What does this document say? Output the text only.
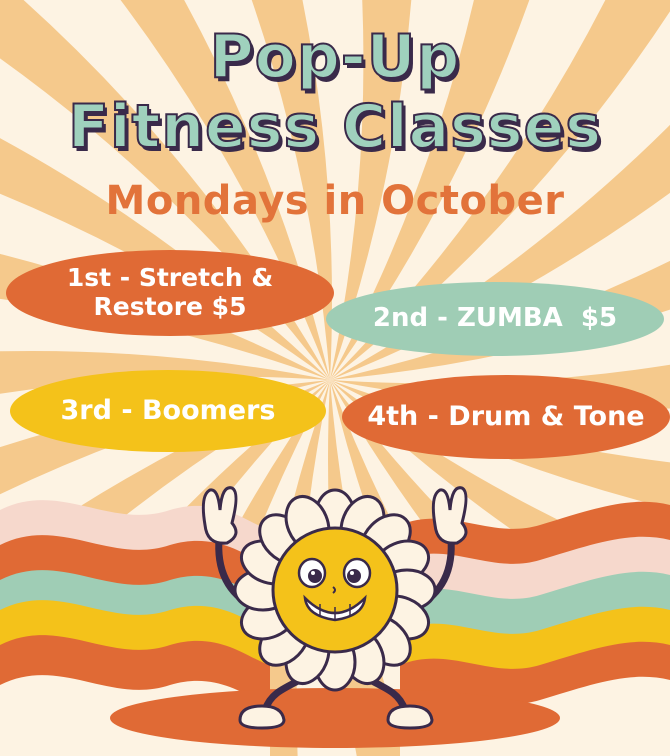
Pop-Up
Fitness Classes
Mondays in October
1st - Stretch &
Restore $5	2nd - ZUMBA  $5
3rd - Boomers	4th - Drum & Tone
